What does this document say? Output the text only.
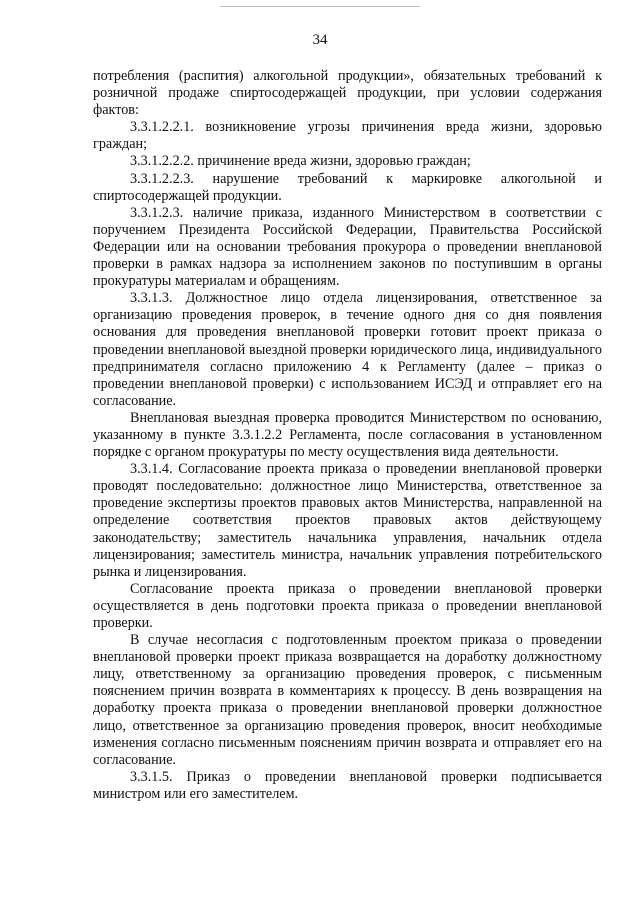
34

потребления (распития) алкогольной продукции», обязательных требований к розничной продаже спиртосодержащей продукции, при условии содержания фактов:

3.3.1.2.2.1. возникновение угрозы причинения вреда жизни, здоровью граждан;

3.3.1.2.2.2. причинение вреда жизни, здоровью граждан;

3.3.1.2.2.3. нарушение требований к маркировке алкогольной и спиртосодержащей продукции.

3.3.1.2.3. наличие приказа, изданного Министерством в соответствии с поручением Президента Российской Федерации, Правительства Российской Федерации или на основании требования прокурора о проведении внеплановой проверки в рамках надзора за исполнением законов по поступившим в органы прокуратуры материалам и обращениям.

3.3.1.3. Должностное лицо отдела лицензирования, ответственное за организацию проведения проверок, в течение одного дня со дня появления основания для проведения внеплановой проверки готовит проект приказа о проведении внеплановой выездной проверки юридического лица, индивидуального предпринимателя согласно приложению 4 к Регламенту (далее – приказ о проведении внеплановой проверки) с использованием ИСЭД и отправляет его на согласование.

Внеплановая выездная проверка проводится Министерством по основанию, указанному в пункте 3.3.1.2.2 Регламента, после согласования в установленном порядке с органом прокуратуры по месту осуществления вида деятельности.

3.3.1.4. Согласование проекта приказа о проведении внеплановой проверки проводят последовательно: должностное лицо Министерства, ответственное за проведение экспертизы проектов правовых актов Министерства, направленной на определение соответствия проектов правовых актов действующему законодательству; заместитель начальника управления, начальник отдела лицензирования; заместитель министра, начальник управления потребительского рынка и лицензирования.

Согласование проекта приказа о проведении внеплановой проверки осуществляется в день подготовки проекта приказа о проведении внеплановой проверки.

В случае несогласия с подготовленным проектом приказа о проведении внеплановой проверки проект приказа возвращается на доработку должностному лицу, ответственному за организацию проведения проверок, с письменным пояснением причин возврата в комментариях к процессу. В день возвращения на доработку проекта приказа о проведении внеплановой проверки должностное лицо, ответственное за организацию проведения проверок, вносит необходимые изменения согласно письменным пояснениям причин возврата и отправляет его на согласование.

3.3.1.5. Приказ о проведении внеплановой проверки подписывается министром или его заместителем.
